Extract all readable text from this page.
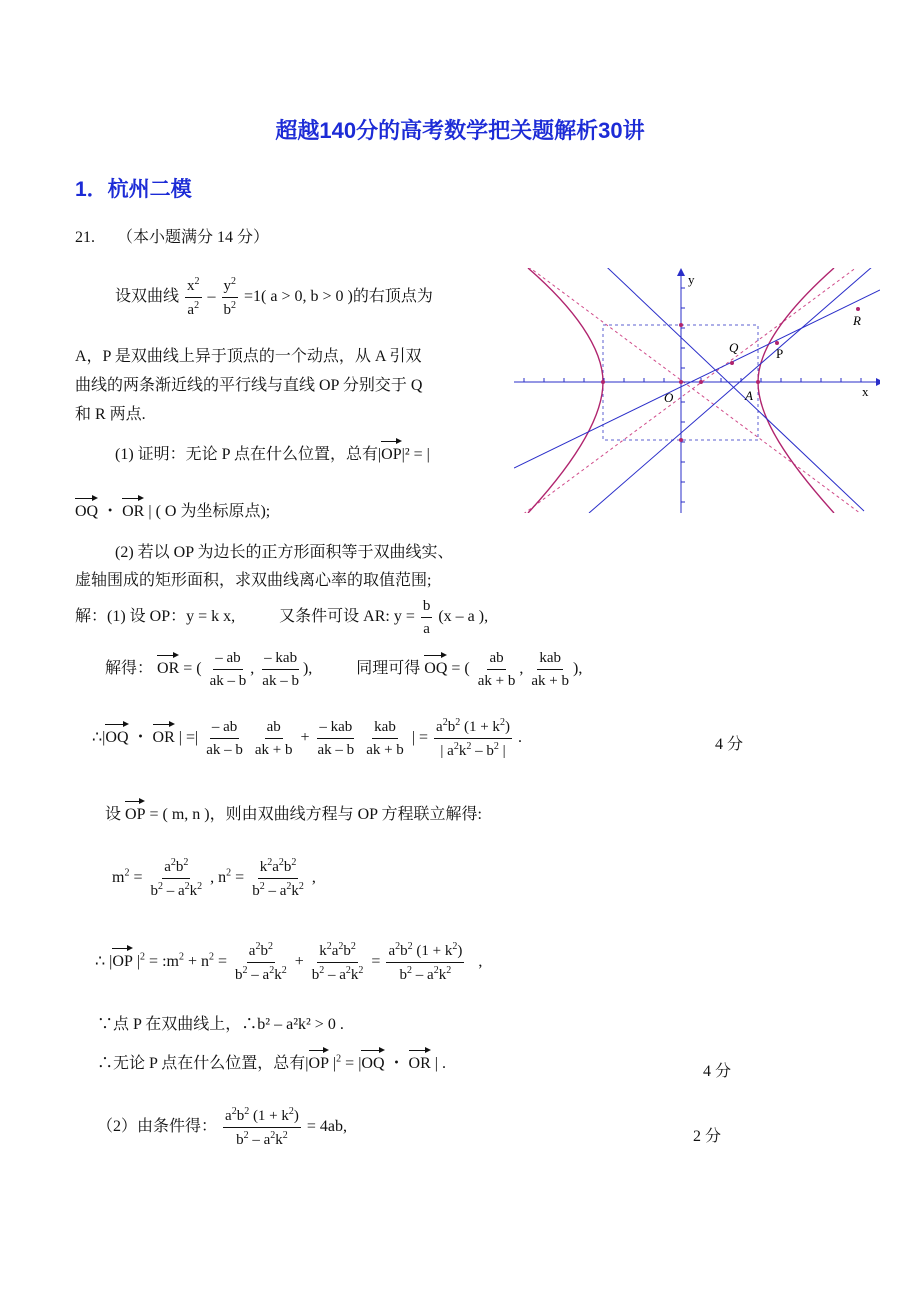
超越140分的高考数学把关题解析30讲
1．杭州二模
21. （本小题满分 14 分）
设双曲线 $\frac{x^2}{a^2} - \frac{y^2}{b^2} =1$( a > 0, b > 0 )的右顶点为
A，P 是双曲线上异于顶点的一个动点，从 A 引双
曲线的两条渐近线的平行线与直线 OP 分别交于 Q
和 R 两点.
(1) 证明：无论 P 点在什么位置，总有|OP|² = |
OQ ・ OR | ( O 为坐标原点);
(2) 若以 OP 为边长的正方形面积等于双曲线实、
虚轴围成的矩形面积，求双曲线离心率的取值范围;
y
x
O	A
P
Q
R
解：(1) 设 OP：y = k x,	又条件可设 AR: $y = \frac{b}{a} (x - a$ ),
解得： OR = ( $\frac{- ab}{ak - b}$ , $\frac{\text{– kab}}{ak - b}$ ),	同理可得 OQ = ( $\frac{ab}{ak + b}$ , $\frac{\text{kab}}{ak + b}$ ),
∴|OQ ・ OR | =| $\frac{- ab}{ak - b}$
$\frac{ab}{ak + b} + \frac{\text{– kab}}{ak - b}$
$\frac{\text{kab}}{ak + b}$ | = $\frac{a^2b^2 (1 + k^2)}{| a^2k^2 - b^2 |}$ .	4 分
设 OP = ( m, n )，则由双曲线方程与 OP 方程联立解得:
$m^2 = \frac{a^2b^2}{b^2 - a^2k^2}$ , $n^2 = \frac{k^2a^2b^2}{b^2 - a^2k^2}$ ,
∴ |OP $|^2$ = $:m^2 + n^2 = \frac{a^2b^2}{b^2 - a^2k^2} + \frac{k^2a^2b^2}{b^2 - a^2k^2} = \frac{a^2b^2 (1 + k^2)}{b^2 - a^2k^2}$ ,
∵点 P 在双曲线上，∴b² – a²k² > 0 .
∴无论 P 点在什么位置，总有|OP $|^2 = |OQ$ ・ OR | .	4 分
（2）由条件得： $\frac{a^2b^2 (1 + k^2)}{b^2 - a^2k^2} = 4ab$,
2 分
